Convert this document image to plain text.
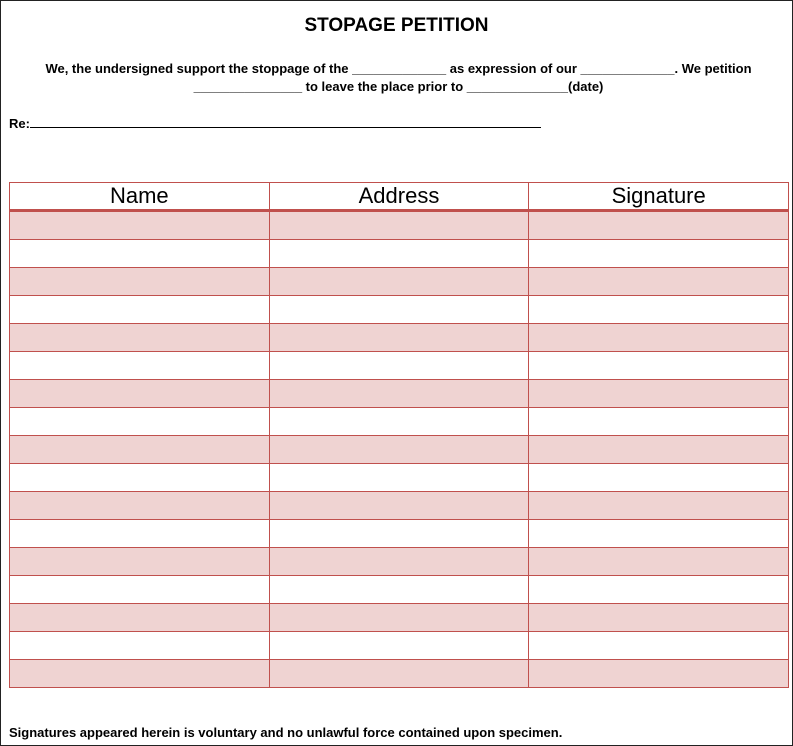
STOPAGE PETITION
We, the undersigned support the stoppage of the _____________ as expression of our _____________. We petition
_______________ to leave the place prior to ______________(date)
Re:
Name	Address	Signature

Signatures appeared herein is voluntary and no unlawful force contained upon specimen.
